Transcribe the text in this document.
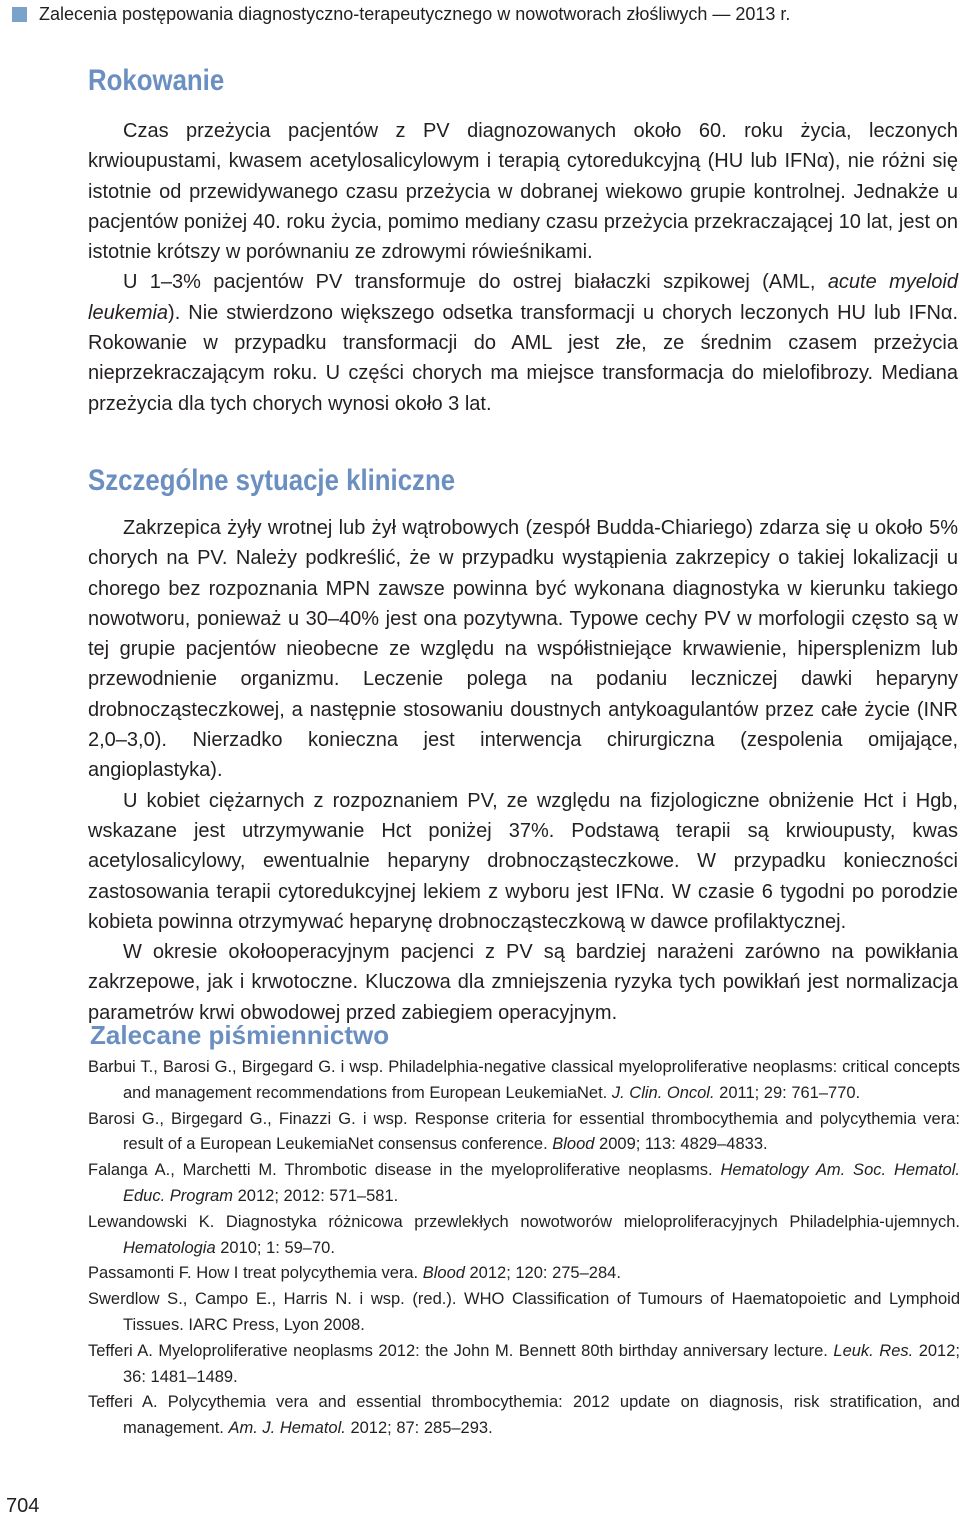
Zalecenia postępowania diagnostyczno-terapeutycznego w nowotworach złośliwych — 2013 r.
Rokowanie

Czas przeżycia pacjentów z PV diagnozowanych około 60. roku życia, leczonych krwioupustami, kwasem acetylosalicylowym i terapią cytoredukcyjną (HU lub IFNα), nie różni się istotnie od przewidywanego czasu przeżycia w dobranej wiekowo grupie kontrolnej. Jednakże u pacjentów poniżej 40. roku życia, pomimo mediany czasu przeżycia przekraczającej 10 lat, jest on istotnie krótszy w porównaniu ze zdrowymi rówieśnikami.

U 1–3% pacjentów PV transformuje do ostrej białaczki szpikowej (AML, acute myeloid leukemia). Nie stwierdzono większego odsetka transformacji u chorych leczonych HU lub IFNα. Rokowanie w przypadku transformacji do AML jest złe, ze średnim czasem przeżycia nieprzekraczającym roku. U części chorych ma miejsce transformacja do mielofibrozy. Mediana przeżycia dla tych chorych wynosi około 3 lat.

Szczególne sytuacje kliniczne

Zakrzepica żyły wrotnej lub żył wątrobowych (zespół Budda-Chiariego) zdarza się u około 5% chorych na PV. Należy podkreślić, że w przypadku wystąpienia zakrzepicy o takiej lokalizacji u chorego bez rozpoznania MPN zawsze powinna być wykonana diagnostyka w kierunku takiego nowotworu, ponieważ u 30–40% jest ona pozytywna. Typowe cechy PV w morfologii często są w tej grupie pacjentów nieobecne ze względu na współistniejące krwawienie, hipersplenizm lub przewodnienie organizmu. Leczenie polega na podaniu leczniczej dawki heparyny drobnocząsteczkowej, a następnie stosowaniu doustnych antykoagulantów przez całe życie (INR 2,0–3,0). Nierzadko konieczna jest interwencja chirurgiczna (zespolenia omijające, angioplastyka).

U kobiet ciężarnych z rozpoznaniem PV, ze względu na fizjologiczne obniżenie Hct i Hgb, wskazane jest utrzymywanie Hct poniżej 37%. Podstawą terapii są krwioupusty, kwas acetylosalicylowy, ewentualnie heparyny drobnocząsteczkowe. W przypadku konieczności zastosowania terapii cytoredukcyjnej lekiem z wyboru jest IFNα. W czasie 6 tygodni po porodzie kobieta powinna otrzymywać heparynę drobnocząsteczkową w dawce profilaktycznej.

W okresie okołooperacyjnym pacjenci z PV są bardziej narażeni zarówno na powikłania zakrzepowe, jak i krwotoczne. Kluczowa dla zmniejszenia ryzyka tych powikłań jest normalizacja parametrów krwi obwodowej przed zabiegiem operacyjnym.

Zalecane piśmiennictwo

Barbui T., Barosi G., Birgegard G. i wsp. Philadelphia-negative classical myeloproliferative neoplasms: critical concepts and management recommendations from European LeukemiaNet. J. Clin. Oncol. 2011; 29: 761–770.

Barosi G., Birgegard G., Finazzi G. i wsp. Response criteria for essential thrombocythemia and polycythemia vera: result of a European LeukemiaNet consensus conference. Blood 2009; 113: 4829–4833.

Falanga A., Marchetti M. Thrombotic disease in the myeloproliferative neoplasms. Hematology Am. Soc. Hematol. Educ. Program 2012; 2012: 571–581.

Lewandowski K. Diagnostyka różnicowa przewlekłych nowotworów mieloproliferacyjnych Philadelphia-ujemnych. Hematologia 2010; 1: 59–70.

Passamonti F. How I treat polycythemia vera. Blood 2012; 120: 275–284.

Swerdlow S., Campo E., Harris N. i wsp. (red.). WHO Classification of Tumours of Haematopoietic and Lymphoid Tissues. IARC Press, Lyon 2008.

Tefferi A. Myeloproliferative neoplasms 2012: the John M. Bennett 80th birthday anniversary lecture. Leuk. Res. 2012; 36: 1481–1489.

Tefferi A. Polycythemia vera and essential thrombocythemia: 2012 update on diagnosis, risk stratification, and management. Am. J. Hematol. 2012; 87: 285–293.

704
